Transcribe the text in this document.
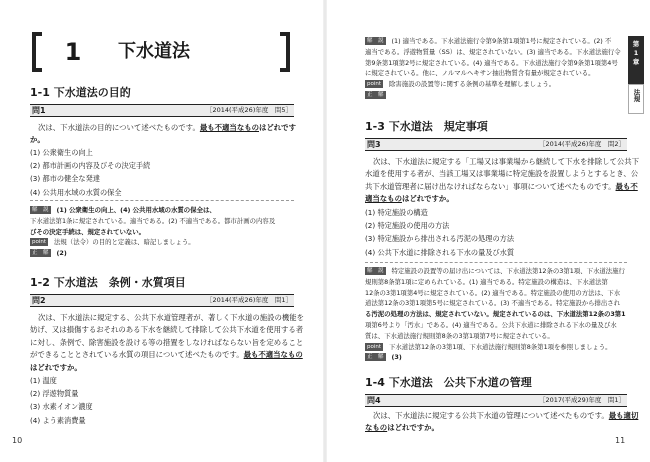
1	下水道法
1-1 下水道法の目的
問1	［2014(平成26)年度　問5］
次は、下水道法の目的について述べたものです。最も不適当なものはどれですか。
(1) 公衆衛生の向上
(2) 都市計画の内容及びその決定手続
(3) 都市の健全な発達
(4) 公共用水域の水質の保全
解　説 (1) 公衆衛生の向上、(4) 公共用水域の水質の保全は、
下水道法第1条に規定されている。適当である。(2) 不適当である。都市計画の内容及
びその決定手続は、規定されていない。
point 法規（法令）の目的と定義は、暗記しましょう。
正　解 (2)
1-2 下水道法　条例・水質項目
問2	［2014(平成26)年度　問1］
次は、下水道法に規定する、公共下水道管理者が、著しく下水道の施設の機能を
妨げ、又は損傷するおそれのある下水を継続して排除して公共下水道を使用する者
に対し、条例で、除害施設を設ける等の措置をしなければならない旨を定めること
ができることとされている水質の項目について述べたものです。最も不適当なもの
はどれですか。
(1) 温度
(2) 浮遊物質量
(3) 水素イオン濃度
(4) よう素消費量
10
解　説 (1) 適当である。下水道法施行令第9条第1項第1号に規定されている。(2) 不
適当である。浮遊物質量（SS）は、規定されていない。(3) 適当である。下水道法施行令
第9条第1項第2号に規定されている。(4) 適当である。下水道法施行令第9条第1項第4号
に規定されている。他に、ノルマルヘキサン抽出物質含有量が規定されている。
point 除害施設の設置等に関する条例の基準を理解しましょう。
正　解
1-3 下水道法　規定事項
問3	［2014(平成26)年度　問2］
次は、下水道法に規定する「工場又は事業場から継続して下水を排除して公共下
水道を使用する者が、当該工場又は事業場に特定施設を設置しようとするとき、公
共下水道管理者に届け出なければならない」事項について述べたものです。最も不
適当なものはどれですか。
(1) 特定施設の構造
(2) 特定施設の使用の方法
(3) 特定施設から排出される汚泥の処理の方法
(4) 公共下水道に排除される下水の量及び水質
解　説 特定施設の設置等の届け出については、下水道法第12条の3第1項、下水道法施行
規則第8条第1項に定められている。(1) 適当である。特定施設の構造は、下水道法第
12条の3第1項第4号に規定されている。(2) 適当である。特定施設の使用の方法は、下水
道法第12条の3第1項第5号に規定されている。(3) 不適当である。特定施設から排出され
る汚泥の処理の方法は、規定されていない。規定されているのは、下水道法第12条の3第1
項第6号より「汚水」である。(4) 適当である。公共下水道に排除される下水の量及び水
質は、下水道法施行規則第8条の3第1項第7号に規定されている。
point 下水道法第12条の3第1項、下水道法施行規則第8条第1項を参照しましょう。
正　解 (3)
1-4 下水道法　公共下水道の管理
問4	［2017(平成29)年度　問1］
次は、下水道法に規定する公共下水道の管理について述べたものです。最も適切
なものはどれですか。
11
第
1
章
法規
